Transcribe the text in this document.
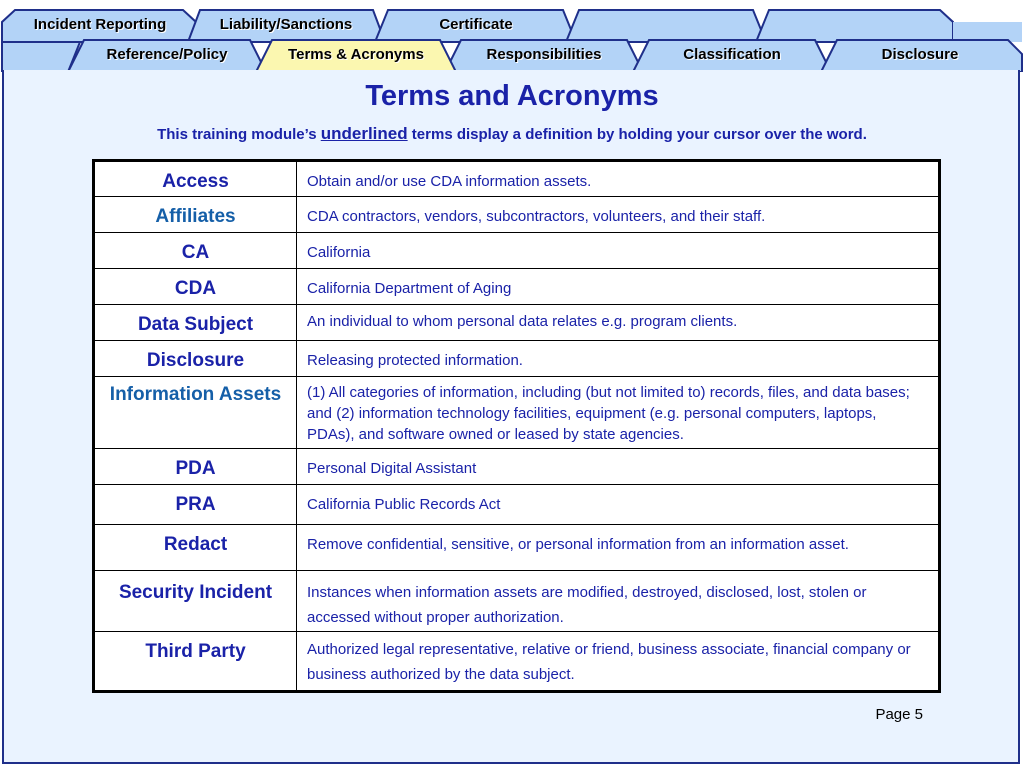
Incident Reporting	Liability/Sanctions	Certificate
Reference/Policy	Terms & Acronyms	Responsibilities	Classification	Disclosure
Terms and Acronyms
This training module’s underlined terms display a definition by holding your cursor over the word.
Access	Obtain and/or use CDA information assets.
Affiliates	CDA contractors, vendors, subcontractors, volunteers, and their staff.
CA	California
CDA	California Department of Aging
Data Subject	An individual to whom personal data relates e.g. program clients.
Disclosure	Releasing protected information.
Information Assets	(1) All categories of information, including (but not limited to) records, files, and data bases; and (2) information technology facilities, equipment (e.g. personal computers, laptops, PDAs), and software owned or leased by state agencies.
PDA	Personal Digital Assistant
PRA	California Public Records Act
Redact	Remove confidential, sensitive, or personal information from an information asset.
Security Incident	Instances when information assets are modified, destroyed, disclosed, lost, stolen or accessed without proper authorization.
Third Party	Authorized legal representative, relative or friend, business associate, financial company or business authorized by the data subject.
Page 5
